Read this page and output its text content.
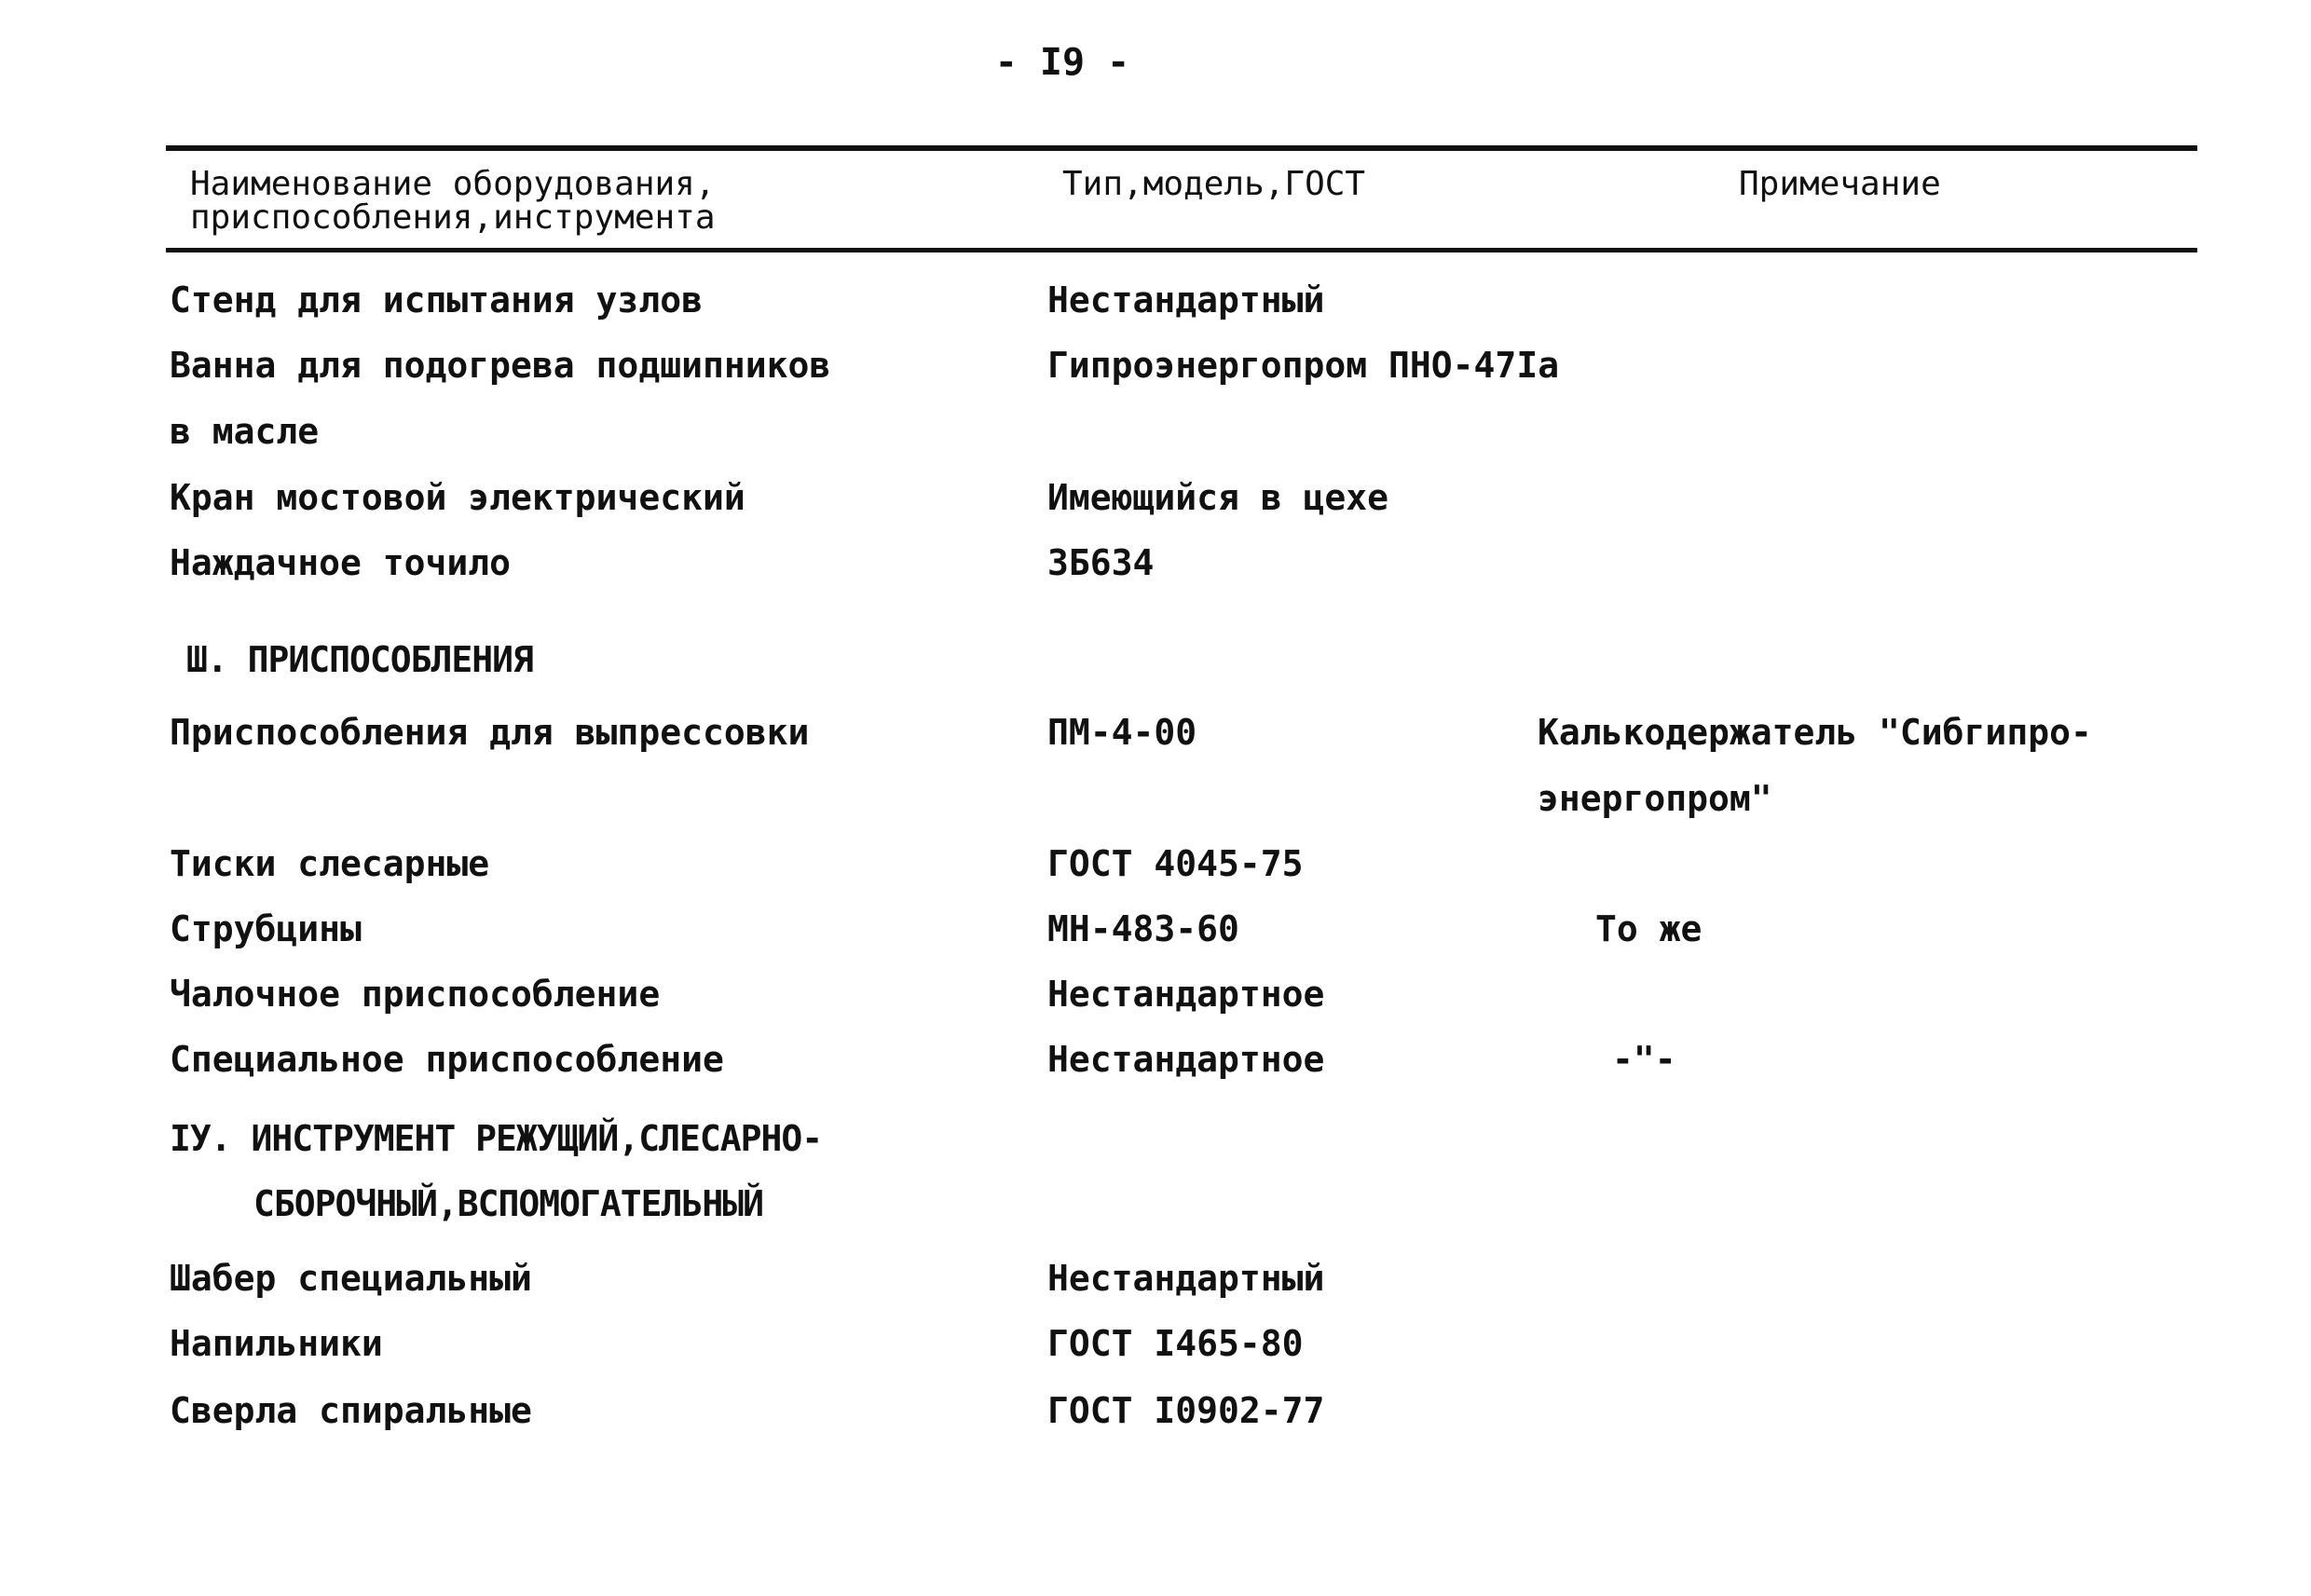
- I9 -
Наименование оборудования,
приспособления,инструмента
Тип,модель,ГОСТ	Примечание
Стенд для испытания узлов	Нестандартный
Ванна для подогрева подшипников	Гипроэнергопром ПНО-47Iа
в масле
Кран мостовой электрический	Имеющийся в цехе
Наждачное точило	3Б634
Ш. ПРИСПОСОБЛЕНИЯ
Приспособления для выпрессовки	ПМ-4-00	Калькодержатель "Сибгипро-
энергопром"
Тиски слесарные	ГОСТ 4045-75
Струбцины	МН-483-60	То же
Чалочное приспособление	Нестандартное
Специальное приспособление	Нестандартное	-"-
IУ. ИНСТРУМЕНТ РЕЖУЩИЙ,СЛЕСАРНО-
СБОРОЧНЫЙ,ВСПОМОГАТЕЛЬНЫЙ
Шабер специальный	Нестандартный
Напильники	ГОСТ I465-80
Сверла спиральные	ГОСТ I0902-77
